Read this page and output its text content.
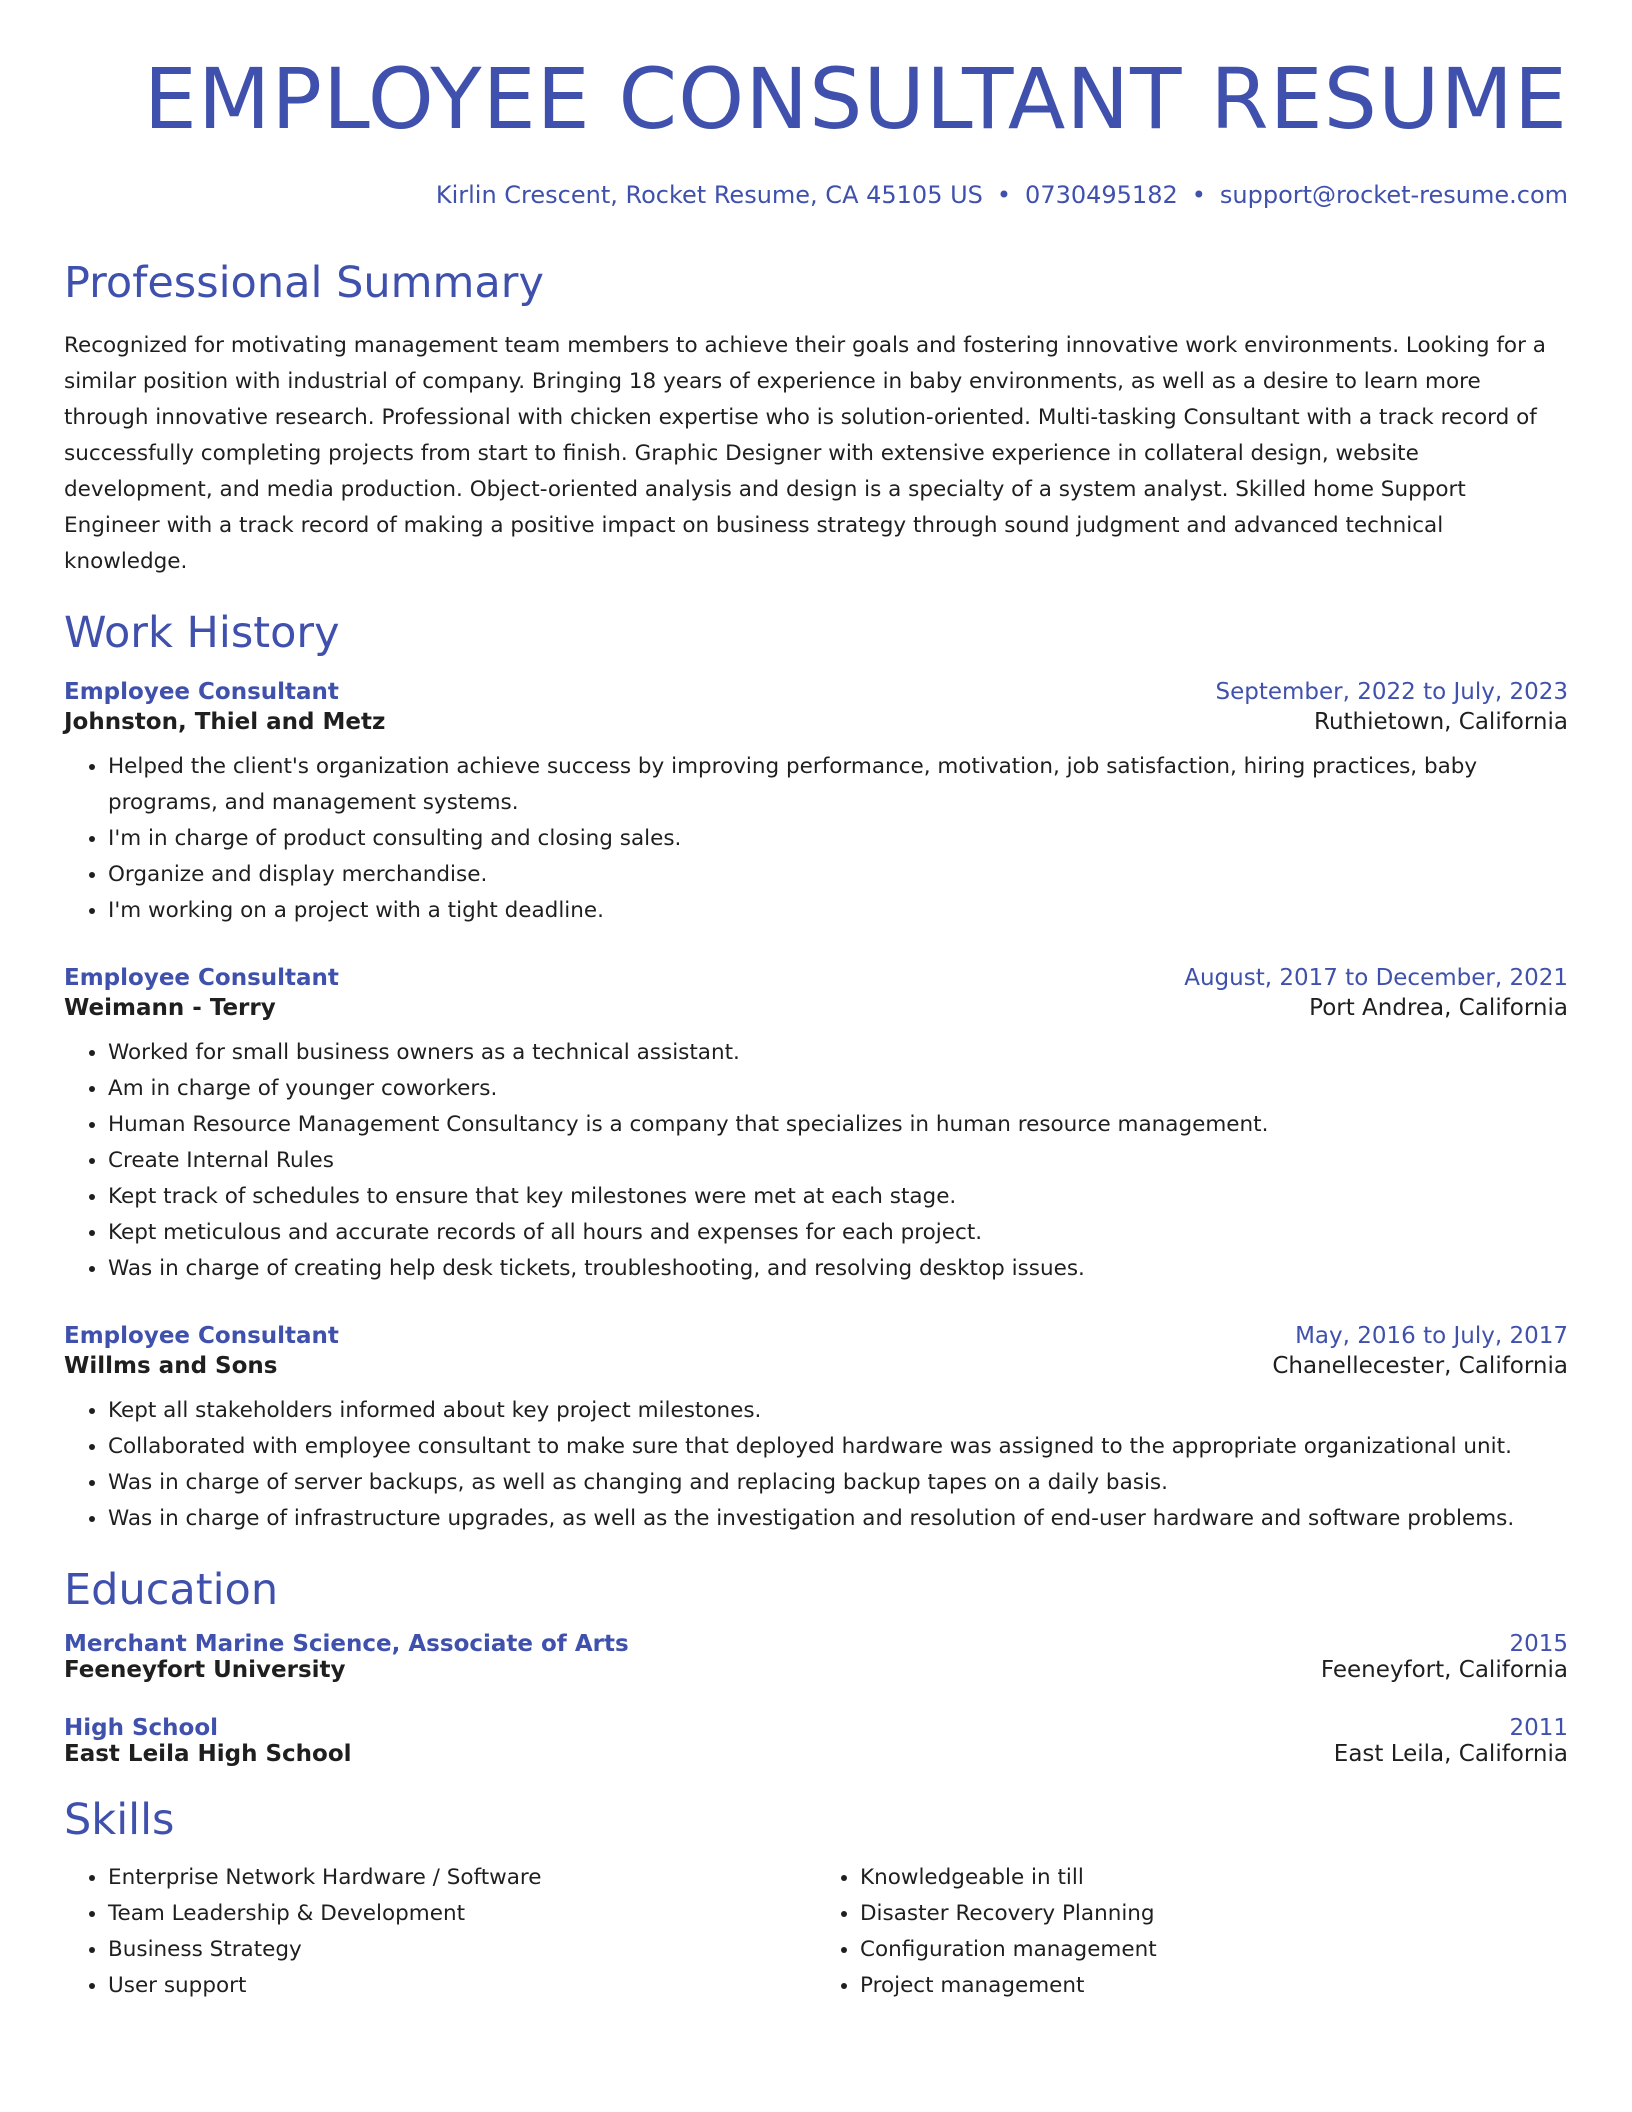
EMPLOYEE CONSULTANT RESUME
Kirlin Crescent, Rocket Resume, CA 45105 US • 0730495182 • support@rocket-resume.com
Professional Summary

Recognized for motivating management team members to achieve their goals and fostering innovative work environments. Looking for a similar position with industrial of company. Bringing 18 years of experience in baby environments, as well as a desire to learn more through innovative research. Professional with chicken expertise who is solution-oriented. Multi-tasking Consultant with a track record of successfully completing projects from start to finish. Graphic Designer with extensive experience in collateral design, website development, and media production. Object-oriented analysis and design is a specialty of a system analyst. Skilled home Support Engineer with a track record of making a positive impact on business strategy through sound judgment and advanced technical knowledge.

Work History
Employee Consultant	September, 2022 to July, 2023
Johnston, Thiel and Metz	Ruthietown, California
• Helped the client's organization achieve success by improving performance, motivation, job satisfaction, hiring practices, baby programs, and management systems.
• I'm in charge of product consulting and closing sales.
• Organize and display merchandise.
• I'm working on a project with a tight deadline.
Employee Consultant	August, 2017 to December, 2021
Weimann - Terry	Port Andrea, California
• Worked for small business owners as a technical assistant.
• Am in charge of younger coworkers.
• Human Resource Management Consultancy is a company that specializes in human resource management.
• Create Internal Rules
• Kept track of schedules to ensure that key milestones were met at each stage.
• Kept meticulous and accurate records of all hours and expenses for each project.
• Was in charge of creating help desk tickets, troubleshooting, and resolving desktop issues.
Employee Consultant	May, 2016 to July, 2017
Willms and Sons	Chanellecester, California
• Kept all stakeholders informed about key project milestones.
• Collaborated with employee consultant to make sure that deployed hardware was assigned to the appropriate organizational unit.
• Was in charge of server backups, as well as changing and replacing backup tapes on a daily basis.
• Was in charge of infrastructure upgrades, as well as the investigation and resolution of end-user hardware and software problems.
Education
Merchant Marine Science, Associate of Arts	2015
Feeneyfort University	Feeneyfort, California
High School	2011
East Leila High School	East Leila, California
Skills
• Enterprise Network Hardware / Software
• Team Leadership & Development
• Business Strategy
• User support
• Knowledgeable in till
• Disaster Recovery Planning
• Configuration management
• Project management
